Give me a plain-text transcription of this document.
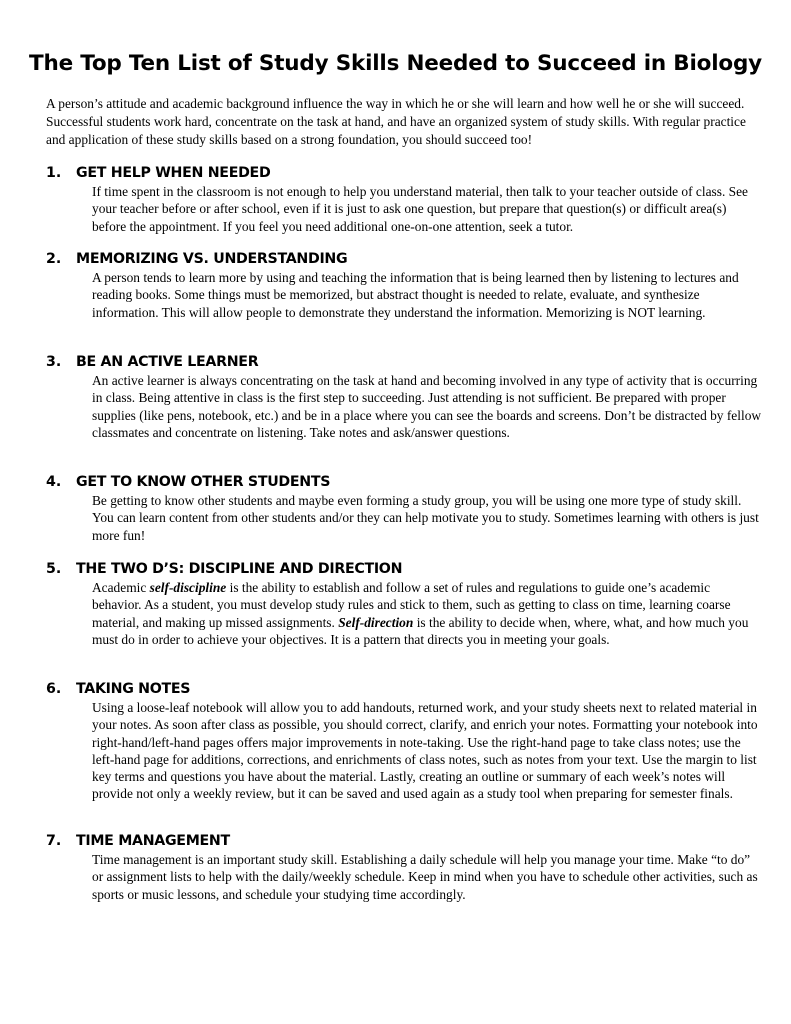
The Top Ten List of Study Skills Needed to Succeed in Biology

A person’s attitude and academic background influence the way in which he or she will learn and how well he or she will succeed. Successful students work hard, concentrate on the task at hand, and have an organized system of study skills. With regular practice and application of these study skills based on a strong foundation, you should succeed too!

1. GET HELP WHEN NEEDED

If time spent in the classroom is not enough to help you understand material, then talk to your teacher outside of class. See your teacher before or after school, even if it is just to ask one question, but prepare that question(s) or difficult area(s) before the appointment. If you feel you need additional one-on-one attention, seek a tutor.

2. MEMORIZING VS. UNDERSTANDING

A person tends to learn more by using and teaching the information that is being learned then by listening to lectures and reading books. Some things must be memorized, but abstract thought is needed to relate, evaluate, and synthesize information. This will allow people to demonstrate they understand the information. Memorizing is NOT learning.

3. BE AN ACTIVE LEARNER

An active learner is always concentrating on the task at hand and becoming involved in any type of activity that is occurring in class. Being attentive in class is the first step to succeeding. Just attending is not sufficient. Be prepared with proper supplies (like pens, notebook, etc.) and be in a place where you can see the boards and screens. Don’t be distracted by fellow classmates and concentrate on listening. Take notes and ask/answer questions.

4. GET TO KNOW OTHER STUDENTS

Be getting to know other students and maybe even forming a study group, you will be using one more type of study skill. You can learn content from other students and/or they can help motivate you to study. Sometimes learning with others is just more fun!

5. THE TWO D’S: DISCIPLINE AND DIRECTION

Academic self-discipline is the ability to establish and follow a set of rules and regulations to guide one’s academic behavior. As a student, you must develop study rules and stick to them, such as getting to class on time, learning coarse material, and making up missed assignments. Self-direction is the ability to decide when, where, what, and how much you must do in order to achieve your objectives. It is a pattern that directs you in meeting your goals.

6. TAKING NOTES

Using a loose-leaf notebook will allow you to add handouts, returned work, and your study sheets next to related material in your notes. As soon after class as possible, you should correct, clarify, and enrich your notes. Formatting your notebook into right-hand/left-hand pages offers major improvements in note-taking. Use the right-hand page to take class notes; use the left-hand page for additions, corrections, and enrichments of class notes, such as notes from your text. Use the margin to list key terms and questions you have about the material. Lastly, creating an outline or summary of each week’s notes will provide not only a weekly review, but it can be saved and used again as a study tool when preparing for semester finals.

7. TIME MANAGEMENT

Time management is an important study skill. Establishing a daily schedule will help you manage your time. Make “to do” or assignment lists to help with the daily/weekly schedule. Keep in mind when you have to schedule other activities, such as sports or music lessons, and schedule your studying time accordingly.
